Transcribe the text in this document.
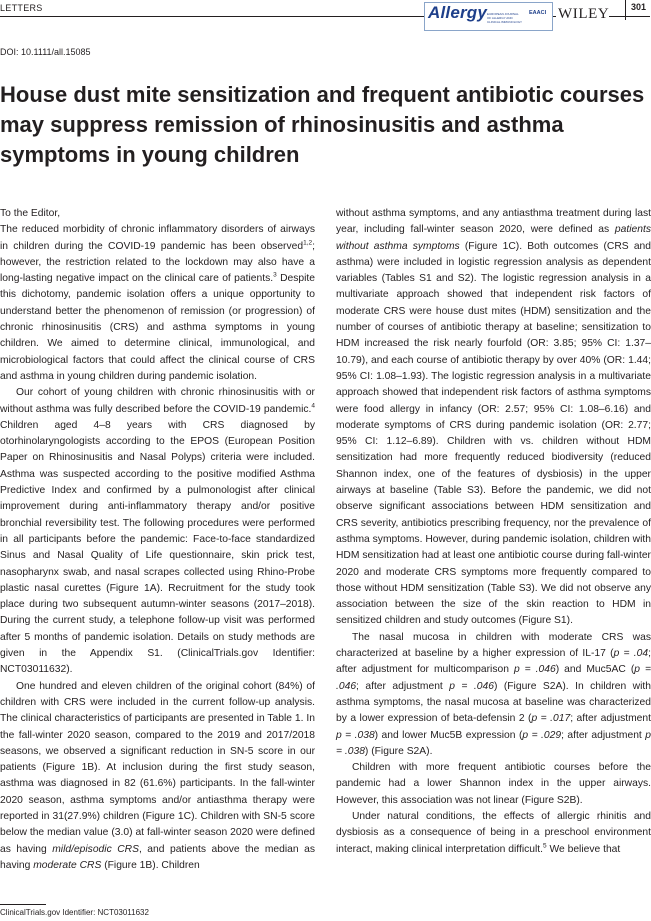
LETTERS	Allergy EUROPEAN JOURNAL OF ALLERGY AND CLINICAL IMMUNOLOGY
EAACI WILEY 301
DOI: 10.1111/all.15085
House dust mite sensitization and frequent antibiotic courses may suppress remission of rhinosinusitis and asthma symptoms in young children

To the Editor,

The reduced morbidity of chronic inflammatory disorders of airways in children during the COVID-19 pandemic has been observed$^{1,2}$; however, the restriction related to the lockdown may also have a long-lasting negative impact on the clinical care of patients.$^3$ Despite this dichotomy, pandemic isolation offers a unique opportunity to understand better the phenomenon of remission (or progression) of chronic rhinosinusitis (CRS) and asthma symptoms in young children. We aimed to determine clinical, immunological, and microbiological factors that could affect the clinical course of CRS and asthma in young children during pandemic isolation.

Our cohort of young children with chronic rhinosinusitis with or without asthma was fully described before the COVID-19 pandemic.$^4$ Children aged 4–8 years with CRS diagnosed by otorhinolaryngologists according to the EPOS (European Position Paper on Rhinosinusitis and Nasal Polyps) criteria were included. Asthma was suspected according to the positive modified Asthma Predictive Index and confirmed by a pulmonologist after clinical improvement during anti-inflammatory therapy and/or positive bronchial reversibility test. The following procedures were performed in all participants before the pandemic: Face-to-face standardized Sinus and Nasal Quality of Life questionnaire, skin prick test, nasopharynx swab, and nasal scrapes collected using Rhino-Probe plastic nasal curettes (Figure 1A). Recruitment for the study took place during two subsequent autumn-winter seasons (2017–2018). During the current study, a telephone follow-up visit was performed after 5 months of pandemic isolation. Details on study methods are given in the Appendix S1. (ClinicalTrials.gov Identifier: NCT03011632).

One hundred and eleven children of the original cohort (84%) of children with CRS were included in the current follow-up analysis. The clinical characteristics of participants are presented in Table 1. In the fall-winter 2020 season, compared to the 2019 and 2017/2018 seasons, we observed a significant reduction in SN-5 score in our patients (Figure 1B). At inclusion during the first study season, asthma was diagnosed in 82 (61.6%) participants. In the fall-winter 2020 season, asthma symptoms and/or antiasthma therapy were reported in 31(27.9%) children (Figure 1C). Children with SN-5 score below the median value (3.0) at fall-winter season 2020 were defined as having mild/episodic CRS, and patients above the median as having moderate CRS (Figure 1B). Children

without asthma symptoms, and any antiasthma treatment during last year, including fall-winter season 2020, were defined as patients without asthma symptoms (Figure 1C). Both outcomes (CRS and asthma) were included in logistic regression analysis as dependent variables (Tables S1 and S2). The logistic regression analysis in a multivariate approach showed that independent risk factors of moderate CRS were house dust mites (HDM) sensitization and the number of courses of antibiotic therapy at baseline; sensitization to HDM increased the risk nearly fourfold (OR: 3.85; 95% CI: 1.37–10.79), and each course of antibiotic therapy by over 40% (OR: 1.44; 95% CI: 1.08–1.93). The logistic regression analysis in a multivariate approach showed that independent risk factors of asthma symptoms were food allergy in infancy (OR: 2.57; 95% CI: 1.08–6.16) and moderate symptoms of CRS during pandemic isolation (OR: 2.77; 95% CI: 1.12–6.89). Children with vs. children without HDM sensitization had more frequently reduced biodiversity (reduced Shannon index, one of the features of dysbiosis) in the upper airways at baseline (Table S3). Before the pandemic, we did not observe significant associations between HDM sensitization and CRS severity, antibiotics prescribing frequency, nor the prevalence of asthma symptoms. However, during pandemic isolation, children with HDM sensitization had at least one antibiotic course during fall-winter 2020 and moderate CRS symptoms more frequently compared to those without HDM sensitization (Table S3). We did not observe any association between the size of the skin reaction to HDM in sensitized children and study outcomes (Figure S1).

The nasal mucosa in children with moderate CRS was characterized at baseline by a higher expression of IL-17 (p = .04; after adjustment for multicomparison p = .046) and Muc5AC (p = .046; after adjustment p = .046) (Figure S2A). In children with asthma symptoms, the nasal mucosa at baseline was characterized by a lower expression of beta-defensin 2 (p = .017; after adjustment p = .038) and lower Muc5B expression (p = .029; after adjustment p = .038) (Figure S2A).

Children with more frequent antibiotic courses before the pandemic had a lower Shannon index in the upper airways. However, this association was not linear (Figure S2B).

Under natural conditions, the effects of allergic rhinitis and dysbiosis as a consequence of being in a preschool environment interact, making clinical interpretation difficult.$^5$ We believe that

ClinicalTrials.gov Identifier: NCT03011632
